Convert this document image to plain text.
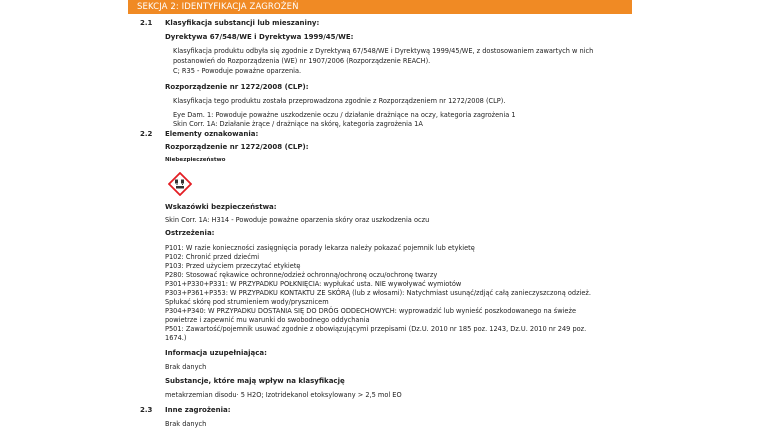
SEKCJA 2: IDENTYFIKACJA ZAGROŻEŃ
2.1 Klasyfikacja substancji lub mieszaniny:
Dyrektywa 67/548/WE i Dyrektywa 1999/45/WE:
Klasyfikacja produktu odbyła się zgodnie z Dyrektywą 67/548/WE i Dyrektywą 1999/45/WE, z dostosowaniem zawartych w nich
postanowień do Rozporządzenia (WE) nr 1907/2006 (Rozporządzenie REACH).
C; R35 - Powoduje poważne oparzenia.
Rozporządzenie nr 1272/2008 (CLP):
Klasyfikacja tego produktu została przeprowadzona zgodnie z Rozporządzeniem nr 1272/2008 (CLP).
Eye Dam. 1: Powoduje poważne uszkodzenie oczu / działanie drażniące na oczy, kategoria zagrożenia 1
Skin Corr. 1A: Działanie żrące / drażniące na skórę, kategoria zagrożenia 1A
2.2 Elementy oznakowania:
Rozporządzenie nr 1272/2008 (CLP):
Niebezpieczeństwo
Wskazówki bezpieczeństwa:
Skin Corr. 1A: H314 - Powoduje poważne oparzenia skóry oraz uszkodzenia oczu
Ostrzeżenia:
P101: W razie konieczności zasięgnięcia porady lekarza należy pokazać pojemnik lub etykietę
P102: Chronić przed dziećmi
P103: Przed użyciem przeczytać etykietę
P280: Stosować rękawice ochronne/odzież ochronną/ochronę oczu/ochronę twarzy
P301+P330+P331: W PRZYPADKU POŁKNIĘCIA: wypłukać usta. NIE wywoływać wymiotów
P303+P361+P353: W PRZYPADKU KONTAKTU ZE SKÓRĄ (lub z włosami): Natychmiast usunąć/zdjąć całą zanieczyszczoną odzież.
Spłukać skórę pod strumieniem wody/prysznicem
P304+P340: W PRZYPADKU DOSTANIA SIĘ DO DRÓG ODDECHOWYCH: wyprowadzić lub wynieść poszkodowanego na świeże
powietrze i zapewnić mu warunki do swobodnego oddychania
P501: Zawartość/pojemnik usuwać zgodnie z obowiązującymi przepisami (Dz.U. 2010 nr 185 poz. 1243, Dz.U. 2010 nr 249 poz.
1674.)
Informacja uzupełniająca:
Brak danych
Substancje, które mają wpływ na klasyfikację
metakrzemian disodu· 5 H2O; Izotridekanol etoksylowany > 2,5 mol EO
2.3 Inne zagrożenia:
Brak danych
